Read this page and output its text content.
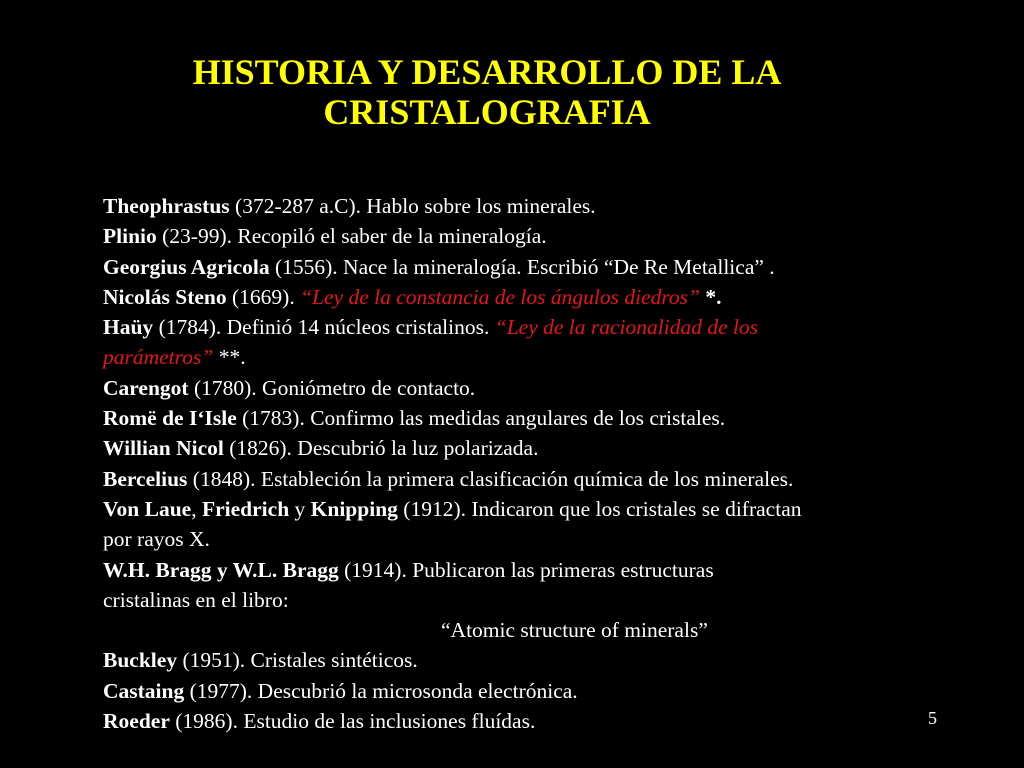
HISTORIA Y DESARROLLO DE LA
CRISTALOGRAFIA
Theophrastus (372-287 a.C). Hablo sobre los minerales.
Plinio (23-99). Recopiló el saber de la mineralogía.
Georgius Agricola (1556). Nace la mineralogía. Escribió “De Re Metallica” .
Nicolás Steno (1669). “Ley de la constancia de los ángulos diedros” *.
Haüy (1784). Definió 14 núcleos cristalinos. “Ley de la racionalidad de los
parámetros” **.
Carengot (1780). Goniómetro de contacto.
Romë de I‘Isle (1783). Confirmo las medidas angulares de los cristales.
Willian Nicol (1826). Descubrió la luz polarizada.
Bercelius (1848). Estableción la primera clasificación química de los minerales.
Von Laue, Friedrich y Knipping (1912). Indicaron que los cristales se difractan
por rayos X.
W.H. Bragg y W.L. Bragg (1914). Publicaron las primeras estructuras
cristalinas en el libro:
“Atomic structure of minerals”
Buckley (1951). Cristales sintéticos.
Castaing (1977). Descubrió la microsonda electrónica.
Roeder (1986). Estudio de las inclusiones fluídas.	5
